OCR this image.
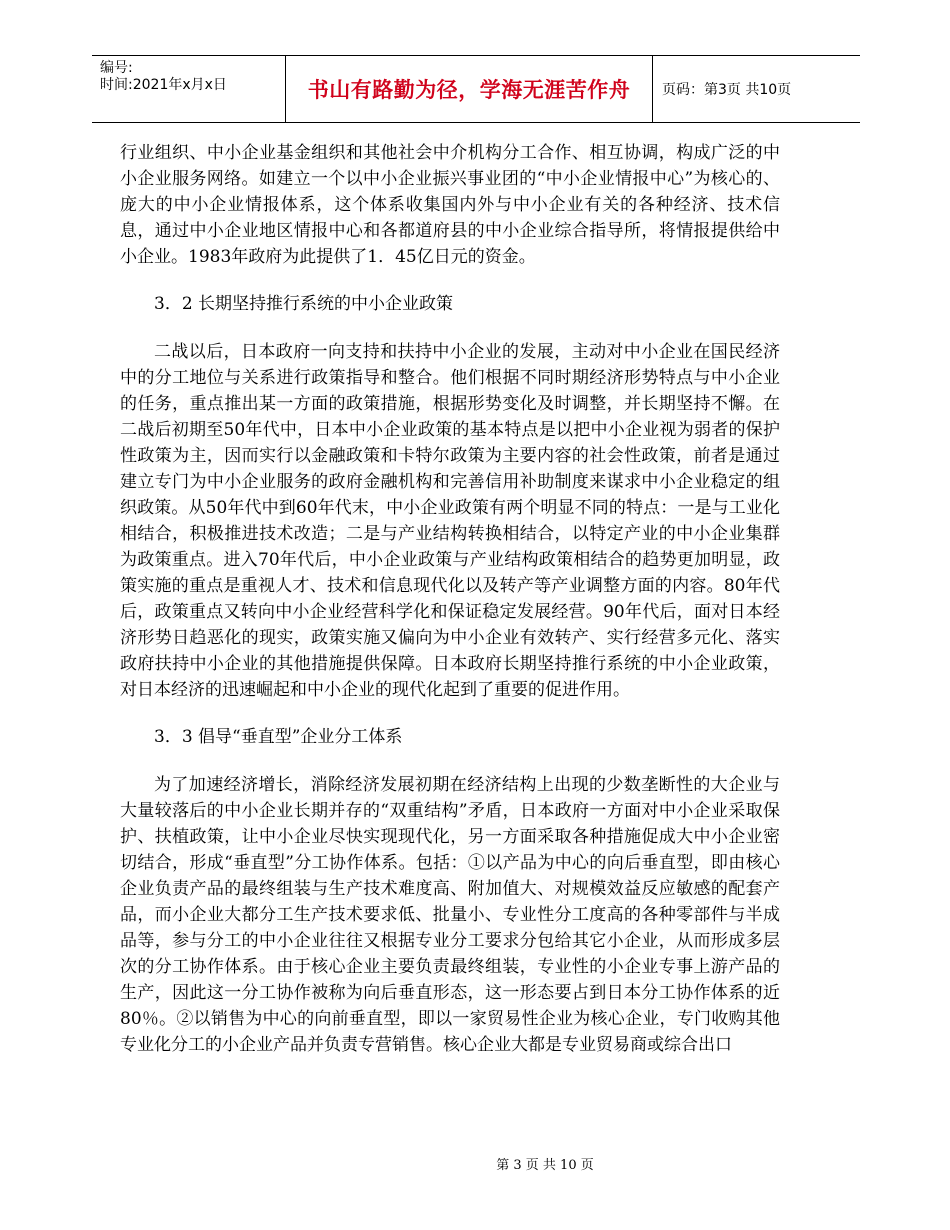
编号:
时间:2021年x月x日	书山有路勤为径，学海无涯苦作舟	页码：第3页 共10页

行业组织、中小企业基金组织和其他社会中介机构分工合作、相互协调，构成广泛的中小企业服务网络。如建立一个以中小企业振兴事业团的“中小企业情报中心”为核心的、庞大的中小企业情报体系，这个体系收集国内外与中小企业有关的各种经济、技术信息，通过中小企业地区情报中心和各都道府县的中小企业综合指导所，将情报提供给中小企业。1983年政府为此提供了1．45亿日元的资金。

3．2 长期坚持推行系统的中小企业政策

二战以后，日本政府一向支持和扶持中小企业的发展，主动对中小企业在国民经济中的分工地位与关系进行政策指导和整合。他们根据不同时期经济形势特点与中小企业的任务，重点推出某一方面的政策措施，根据形势变化及时调整，并长期坚持不懈。在二战后初期至50年代中，日本中小企业政策的基本特点是以把中小企业视为弱者的保护性政策为主，因而实行以金融政策和卡特尔政策为主要内容的社会性政策，前者是通过建立专门为中小企业服务的政府金融机构和完善信用补助制度来谋求中小企业稳定的组织政策。从50年代中到60年代末，中小企业政策有两个明显不同的特点：一是与工业化相结合，积极推进技术改造；二是与产业结构转换相结合，以特定产业的中小企业集群为政策重点。进入70年代后，中小企业政策与产业结构政策相结合的趋势更加明显，政策实施的重点是重视人才、技术和信息现代化以及转产等产业调整方面的内容。80年代后，政策重点又转向中小企业经营科学化和保证稳定发展经营。90年代后，面对日本经济形势日趋恶化的现实，政策实施又偏向为中小企业有效转产、实行经营多元化、落实政府扶持中小企业的其他措施提供保障。日本政府长期坚持推行系统的中小企业政策，对日本经济的迅速崛起和中小企业的现代化起到了重要的促进作用。

3．3 倡导“垂直型”企业分工体系

为了加速经济增长，消除经济发展初期在经济结构上出现的少数垄断性的大企业与大量较落后的中小企业长期并存的“双重结构”矛盾，日本政府一方面对中小企业采取保护、扶植政策，让中小企业尽快实现现代化，另一方面采取各种措施促成大中小企业密切结合，形成“垂直型”分工协作体系。包括：①以产品为中心的向后垂直型，即由核心企业负责产品的最终组装与生产技术难度高、附加值大、对规模效益反应敏感的配套产品，而小企业大都分工生产技术要求低、批量小、专业性分工度高的各种零部件与半成品等，参与分工的中小企业往往又根据专业分工要求分包给其它小企业，从而形成多层次的分工协作体系。由于核心企业主要负责最终组装，专业性的小企业专事上游产品的生产，因此这一分工协作被称为向后垂直形态，这一形态要占到日本分工协作体系的近80％。②以销售为中心的向前垂直型，即以一家贸易性企业为核心企业，专门收购其他专业化分工的小企业产品并负责专营销售。核心企业大都是专业贸易商或综合出口

第 3 页 共 10 页
